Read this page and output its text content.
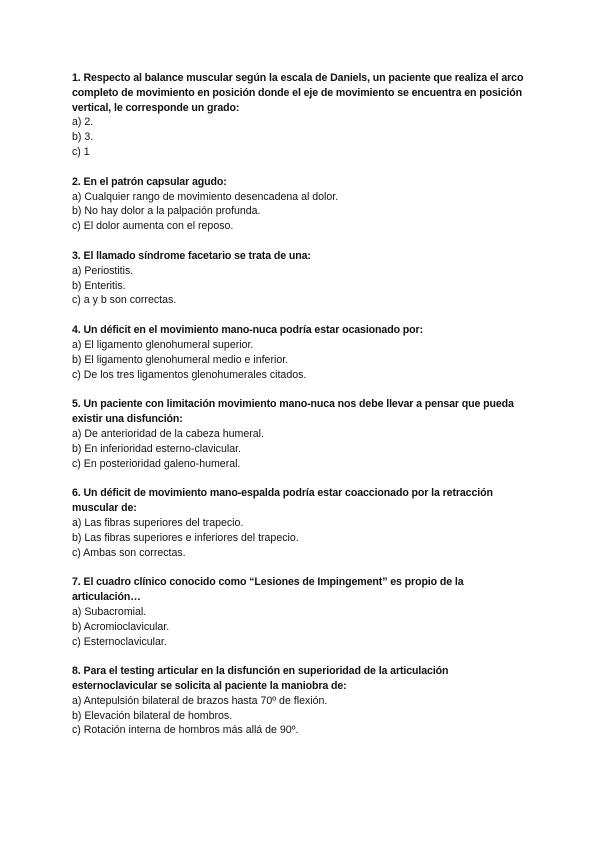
1. Respecto al balance muscular según la escala de Daniels, un paciente que realiza el arco completo de movimiento en posición donde el eje de movimiento se encuentra en posición vertical, le corresponde un grado:

a) 2.

b) 3.

c) 1

2. En el patrón capsular agudo:

a) Cualquier rango de movimiento desencadena al dolor.

b) No hay dolor a la palpación profunda.

c) El dolor aumenta con el reposo.

3. El llamado síndrome facetario se trata de una:

a) Periostitis.

b) Enteritis.

c) a y b son correctas.

4. Un déficit en el movimiento mano-nuca podría estar ocasionado por:

a) El ligamento glenohumeral superior.

b) El ligamento glenohumeral medio e inferior.

c) De los tres ligamentos glenohumerales citados.

5. Un paciente con limitación movimiento mano-nuca nos debe llevar a pensar que pueda existir una disfunción:

a) De anterioridad de la cabeza humeral.

b) En inferioridad esterno-clavicular.

c) En posterioridad galeno-humeral.

6. Un déficit de movimiento mano-espalda podría estar coaccionado por la retracción muscular de:

a) Las fibras superiores del trapecio.

b) Las fibras superiores e inferiores del trapecio.

c) Ambas son correctas.

7. El cuadro clínico conocido como “Lesiones de Impingement” es propio de la articulación…

a) Subacromial.

b) Acromioclavicular.

c) Esternoclavicular.

8. Para el testing articular en la disfunción en superioridad de la articulación esternoclavicular se solicita al paciente la maniobra de:

a) Antepulsión bilateral de brazos hasta 70º de flexión.

b) Elevación bilateral de hombros.

c) Rotación interna de hombros más allá de 90º.
